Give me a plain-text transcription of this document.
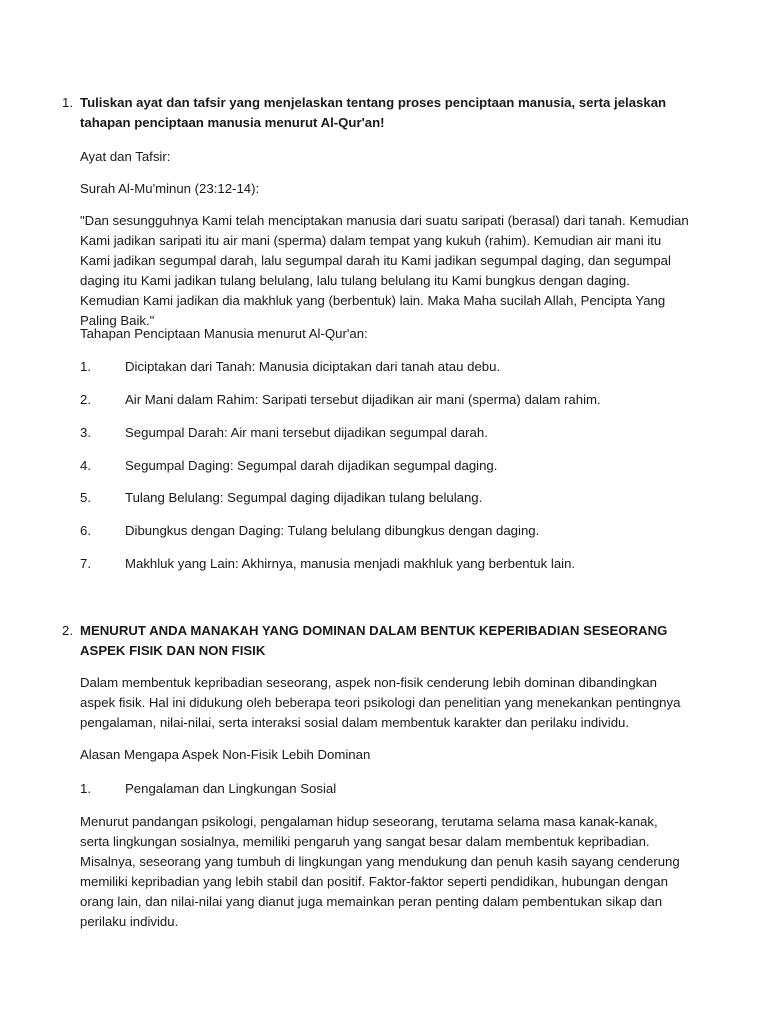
1. Tuliskan ayat dan tafsir yang menjelaskan tentang proses penciptaan manusia, serta jelaskan tahapan penciptaan manusia menurut Al-Qur'an!

Ayat dan Tafsir:

Surah Al-Mu'minun (23:12-14):

"Dan sesungguhnya Kami telah menciptakan manusia dari suatu saripati (berasal) dari tanah. Kemudian Kami jadikan saripati itu air mani (sperma) dalam tempat yang kukuh (rahim). Kemudian air mani itu Kami jadikan segumpal darah, lalu segumpal darah itu Kami jadikan segumpal daging, dan segumpal daging itu Kami jadikan tulang belulang, lalu tulang belulang itu Kami bungkus dengan daging. Kemudian Kami jadikan dia makhluk yang (berbentuk) lain. Maka Maha sucilah Allah, Pencipta Yang Paling Baik."

Tahapan Penciptaan Manusia menurut Al-Qur'an:

1.	Diciptakan dari Tanah: Manusia diciptakan dari tanah atau debu.
2.	Air Mani dalam Rahim: Saripati tersebut dijadikan air mani (sperma) dalam rahim.
3.	Segumpal Darah: Air mani tersebut dijadikan segumpal darah.
4.	Segumpal Daging: Segumpal darah dijadikan segumpal daging.
5.	Tulang Belulang: Segumpal daging dijadikan tulang belulang.
6.	Dibungkus dengan Daging: Tulang belulang dibungkus dengan daging.
7.	Makhluk yang Lain: Akhirnya, manusia menjadi makhluk yang berbentuk lain.
2. MENURUT ANDA MANAKAH YANG DOMINAN DALAM BENTUK KEPERIBADIAN SESEORANG ASPEK FISIK DAN NON FISIK

Dalam membentuk kepribadian seseorang, aspek non-fisik cenderung lebih dominan dibandingkan aspek fisik. Hal ini didukung oleh beberapa teori psikologi dan penelitian yang menekankan pentingnya pengalaman, nilai-nilai, serta interaksi sosial dalam membentuk karakter dan perilaku individu.

Alasan Mengapa Aspek Non-Fisik Lebih Dominan

1.	Pengalaman dan Lingkungan Sosial

Menurut pandangan psikologi, pengalaman hidup seseorang, terutama selama masa kanak-kanak, serta lingkungan sosialnya, memiliki pengaruh yang sangat besar dalam membentuk kepribadian. Misalnya, seseorang yang tumbuh di lingkungan yang mendukung dan penuh kasih sayang cenderung memiliki kepribadian yang lebih stabil dan positif. Faktor-faktor seperti pendidikan, hubungan dengan orang lain, dan nilai-nilai yang dianut juga memainkan peran penting dalam pembentukan sikap dan perilaku individu.
